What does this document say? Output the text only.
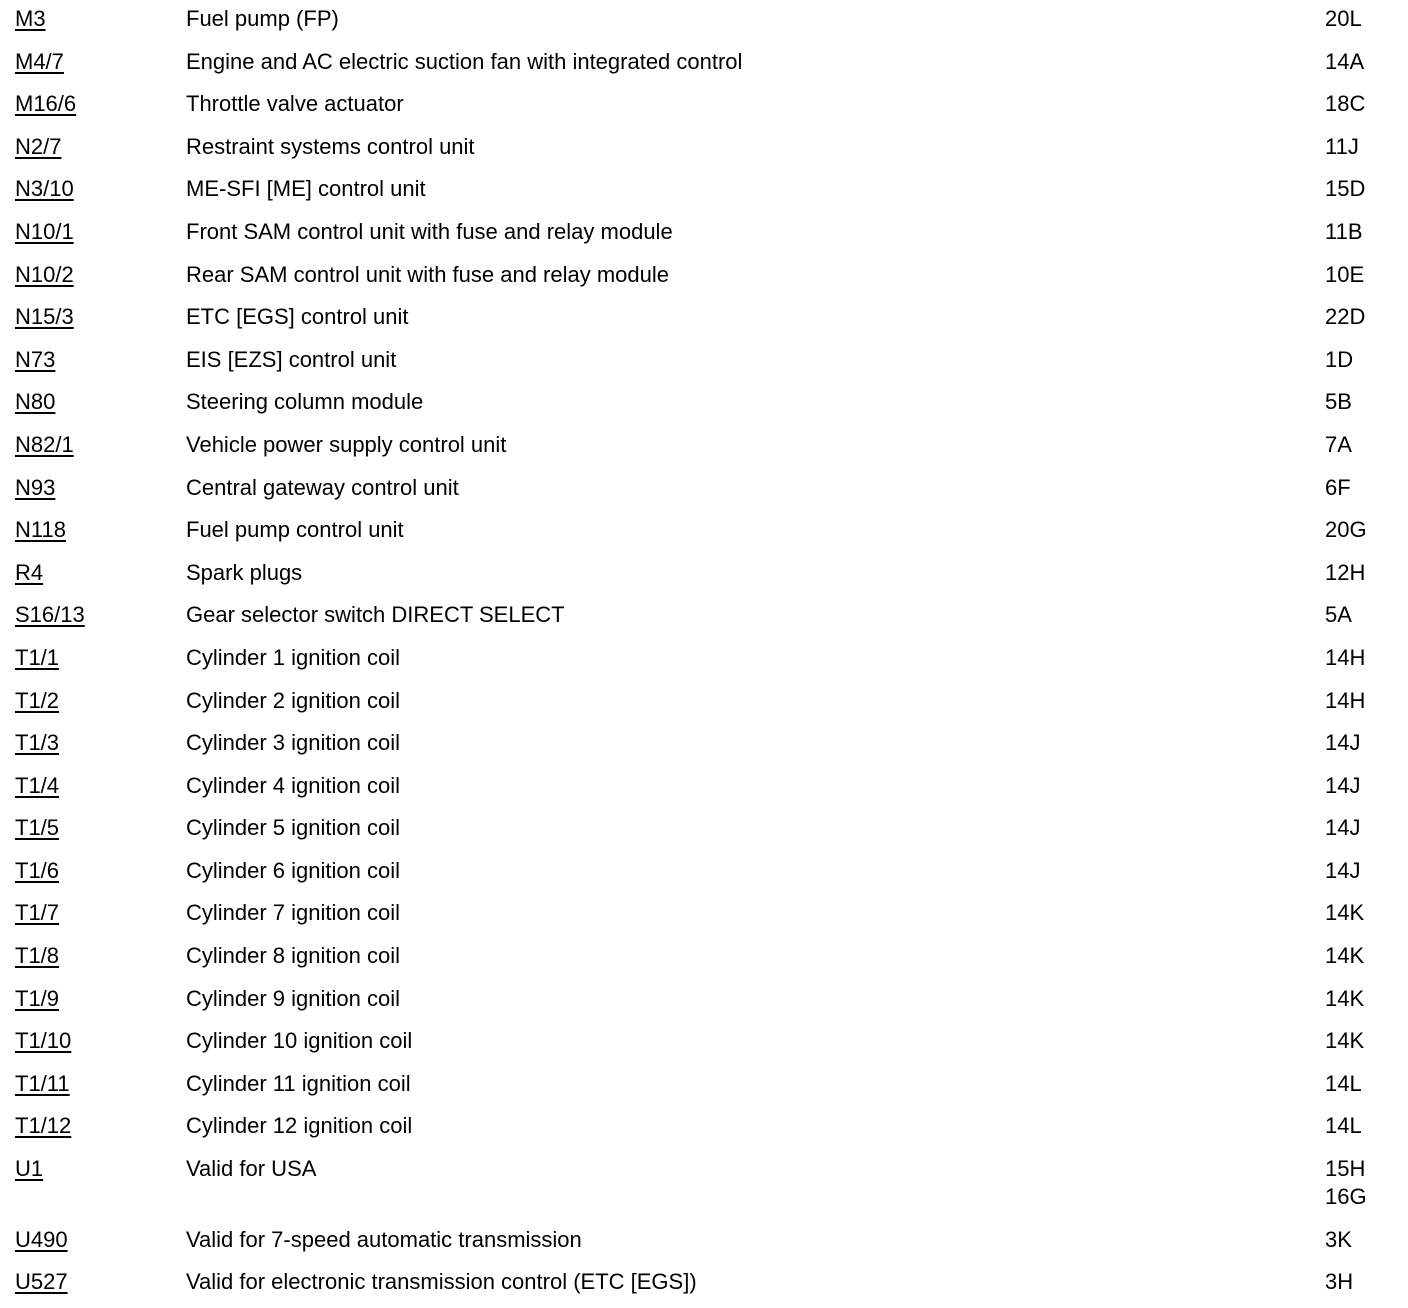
M3	Fuel pump (FP)	20L
M4/7	Engine and AC electric suction fan with integrated control	14A
M16/6	Throttle valve actuator	18C
N2/7	Restraint systems control unit	11J
N3/10	ME-SFI [ME] control unit	15D
N10/1	Front SAM control unit with fuse and relay module	11B
N10/2	Rear SAM control unit with fuse and relay module	10E
N15/3	ETC [EGS] control unit	22D
N73	EIS [EZS] control unit	1D
N80	Steering column module	5B
N82/1	Vehicle power supply control unit	7A
N93	Central gateway control unit	6F
N118	Fuel pump control unit	20G
R4	Spark plugs	12H
S16/13	Gear selector switch DIRECT SELECT	5A
T1/1	Cylinder 1 ignition coil	14H
T1/2	Cylinder 2 ignition coil	14H
T1/3	Cylinder 3 ignition coil	14J
T1/4	Cylinder 4 ignition coil	14J
T1/5	Cylinder 5 ignition coil	14J
T1/6	Cylinder 6 ignition coil	14J
T1/7	Cylinder 7 ignition coil	14K
T1/8	Cylinder 8 ignition coil	14K
T1/9	Cylinder 9 ignition coil	14K
T1/10	Cylinder 10 ignition coil	14K
T1/11	Cylinder 11 ignition coil	14L
T1/12	Cylinder 12 ignition coil	14L
U1	Valid for USA	15H
16G
U490	Valid for 7-speed automatic transmission	3K
U527	Valid for electronic transmission control (ETC [EGS])	3H
